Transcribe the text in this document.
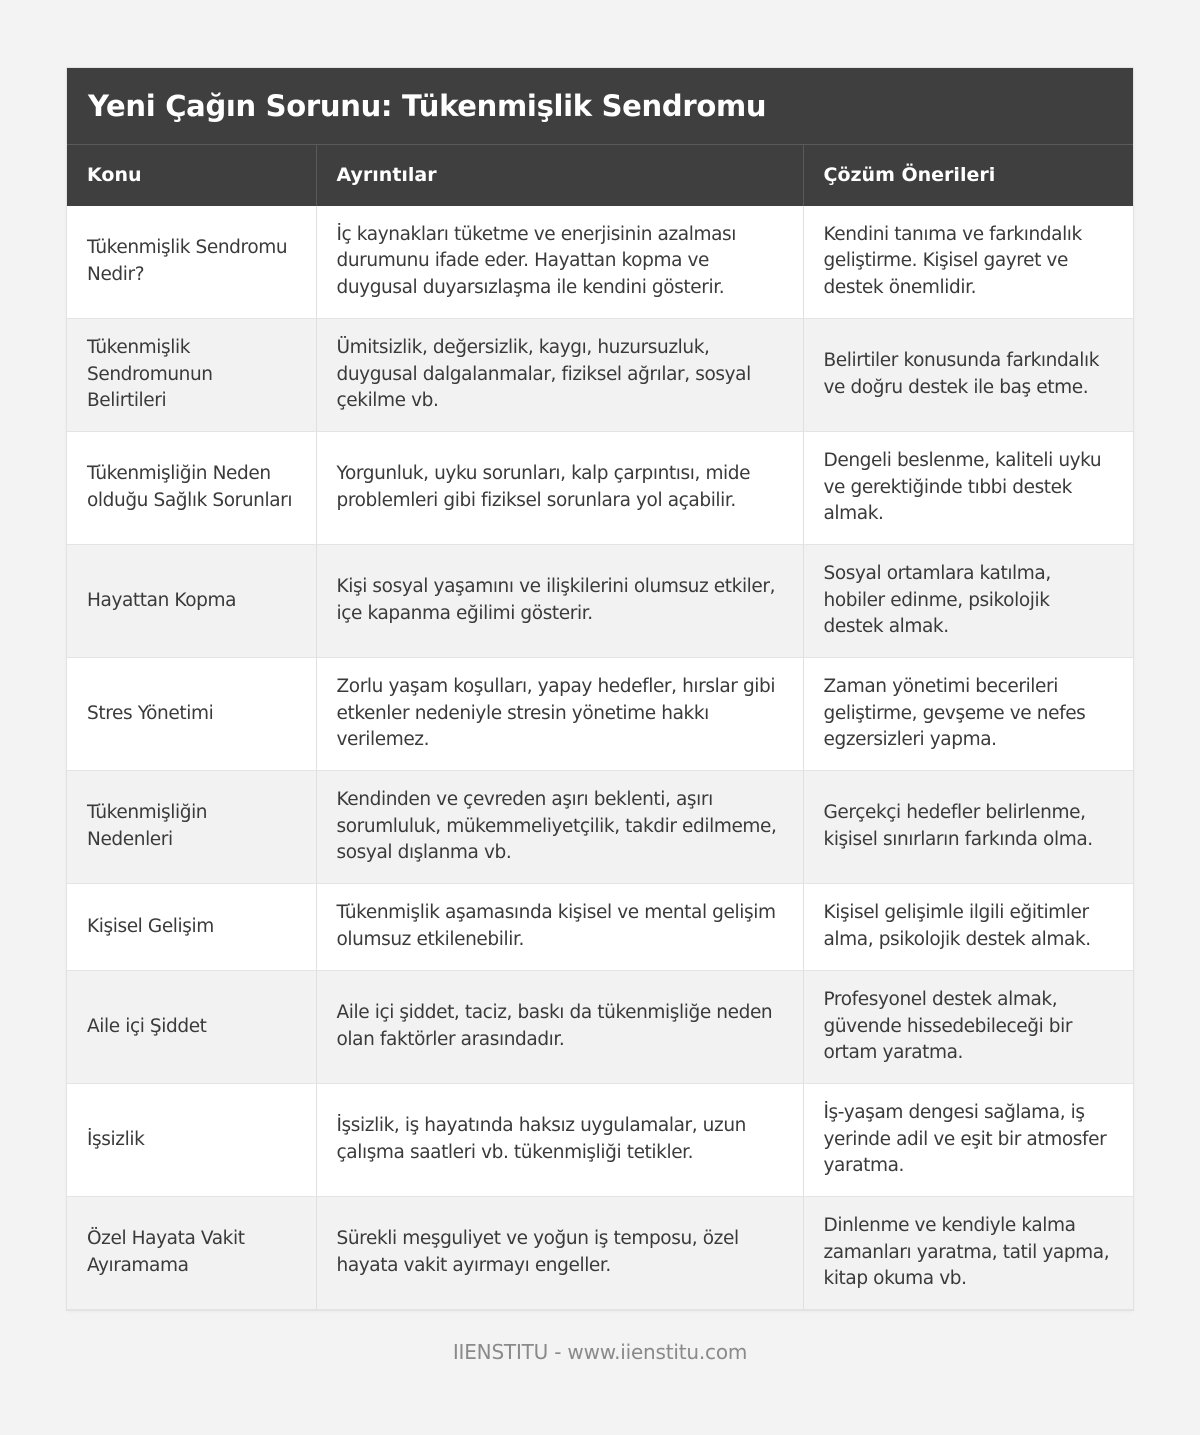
Yeni Çağın Sorunu: Tükenmişlik Sendromu
Konu	Ayrıntılar	Çözüm Önerileri
Tükenmişlik Sendromu Nedir?	İç kaynakları tüketme ve enerjisinin azalması durumunu ifade eder. Hayattan kopma ve duygusal duyarsızlaşma ile kendini gösterir.	Kendini tanıma ve farkındalık geliştirme. Kişisel gayret ve destek önemlidir.
Tükenmişlik Sendromunun Belirtileri	Ümitsizlik, değersizlik, kaygı, huzursuzluk, duygusal dalgalanmalar, fiziksel ağrılar, sosyal çekilme vb.	Belirtiler konusunda farkındalık ve doğru destek ile baş etme.
Tükenmişliğin Neden olduğu Sağlık Sorunları	Yorgunluk, uyku sorunları, kalp çarpıntısı, mide problemleri gibi fiziksel sorunlara yol açabilir.	Dengeli beslenme, kaliteli uyku ve gerektiğinde tıbbi destek almak.
Hayattan Kopma	Kişi sosyal yaşamını ve ilişkilerini olumsuz etkiler, içe kapanma eğilimi gösterir.	Sosyal ortamlara katılma, hobiler edinme, psikolojik destek almak.
Stres Yönetimi	Zorlu yaşam koşulları, yapay hedefler, hırslar gibi etkenler nedeniyle stresin yönetime hakkı verilemez.	Zaman yönetimi becerileri geliştirme, gevşeme ve nefes egzersizleri yapma.
Tükenmişliğin Nedenleri	Kendinden ve çevreden aşırı beklenti, aşırı sorumluluk, mükemmeliyetçilik, takdir edilmeme, sosyal dışlanma vb.	Gerçekçi hedefler belirlenme, kişisel sınırların farkında olma.
Kişisel Gelişim	Tükenmişlik aşamasında kişisel ve mental gelişim olumsuz etkilenebilir.	Kişisel gelişimle ilgili eğitimler alma, psikolojik destek almak.
Aile içi Şiddet	Aile içi şiddet, taciz, baskı da tükenmişliğe neden olan faktörler arasındadır.	Profesyonel destek almak, güvende hissedebileceği bir ortam yaratma.
İşsizlik	İşsizlik, iş hayatında haksız uygulamalar, uzun çalışma saatleri vb. tükenmişliği tetikler.	İş-yaşam dengesi sağlama, iş yerinde adil ve eşit bir atmosfer yaratma.
Özel Hayata Vakit Ayıramama	Sürekli meşguliyet ve yoğun iş temposu, özel hayata vakit ayırmayı engeller.	Dinlenme ve kendiyle kalma zamanları yaratma, tatil yapma, kitap okuma vb.
IIENSTITU - www.iienstitu.com
